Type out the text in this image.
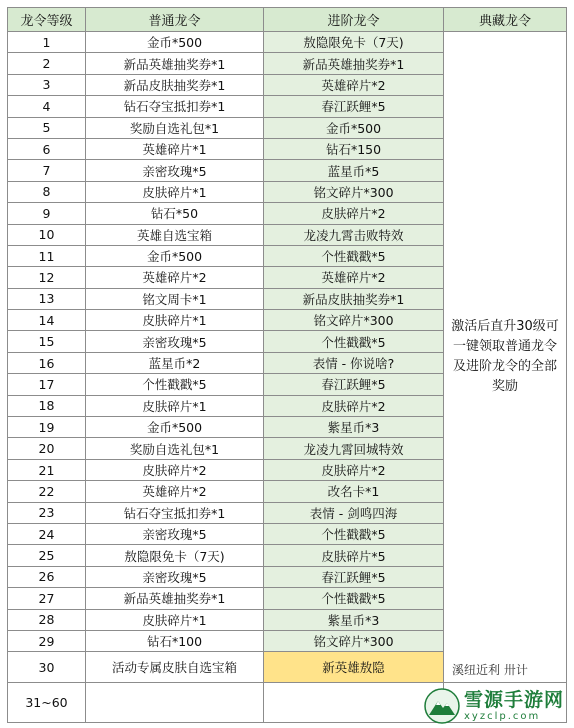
龙令等级	普通龙令	进阶龙令	典藏龙令
1	金币*500	敖隐限免卡（7天)	激活后直升30级可一键领取普通龙令及进阶龙令的全部奖励

2	新品英雄抽奖券*1	新品英雄抽奖券*1	
3	新品皮肤抽奖券*1	英雄碎片*2	
4	钻石夺宝抵扣券*1	春江跃鲤*5	
5	奖励自选礼包*1	金币*500	
6	英雄碎片*1	钻石*150	
7	亲密玫瑰*5	蓝星币*5	
8	皮肤碎片*1	铭文碎片*300	
9	钻石*50	皮肤碎片*2	
10	英雄自选宝箱	龙凌九霄击败特效	
11	金币*500	个性戳戳*5	
12	英雄碎片*2	英雄碎片*2	
13	铭文周卡*1	新品皮肤抽奖券*1	
14	皮肤碎片*1	铭文碎片*300	
15	亲密玫瑰*5	个性戳戳*5	
16	蓝星币*2	表情 - 你说啥?	
17	个性戳戳*5	春江跃鲤*5	
18	皮肤碎片*1	皮肤碎片*2	
19	金币*500	紫星币*3	
20	奖励自选礼包*1	龙凌九霄回城特效	
21	皮肤碎片*2	皮肤碎片*2	
22	英雄碎片*2	改名卡*1	
23	钻石夺宝抵扣券*1	表情 - 剑鸣四海	
24	亲密玫瑰*5	个性戳戳*5	
25	敖隐限免卡（7天)	皮肤碎片*5	
26	亲密玫瑰*5	春江跃鲤*5	
27	新品英雄抽奖券*1	个性戳戳*5	
28	皮肤碎片*1	紫星币*3	
29	钻石*100	铭文碎片*300	
30	活动专属皮肤自选宝箱	新英雄敖隐	
31~60			
溪纽近利 卅计
雪源手游网
xyzclp.com
